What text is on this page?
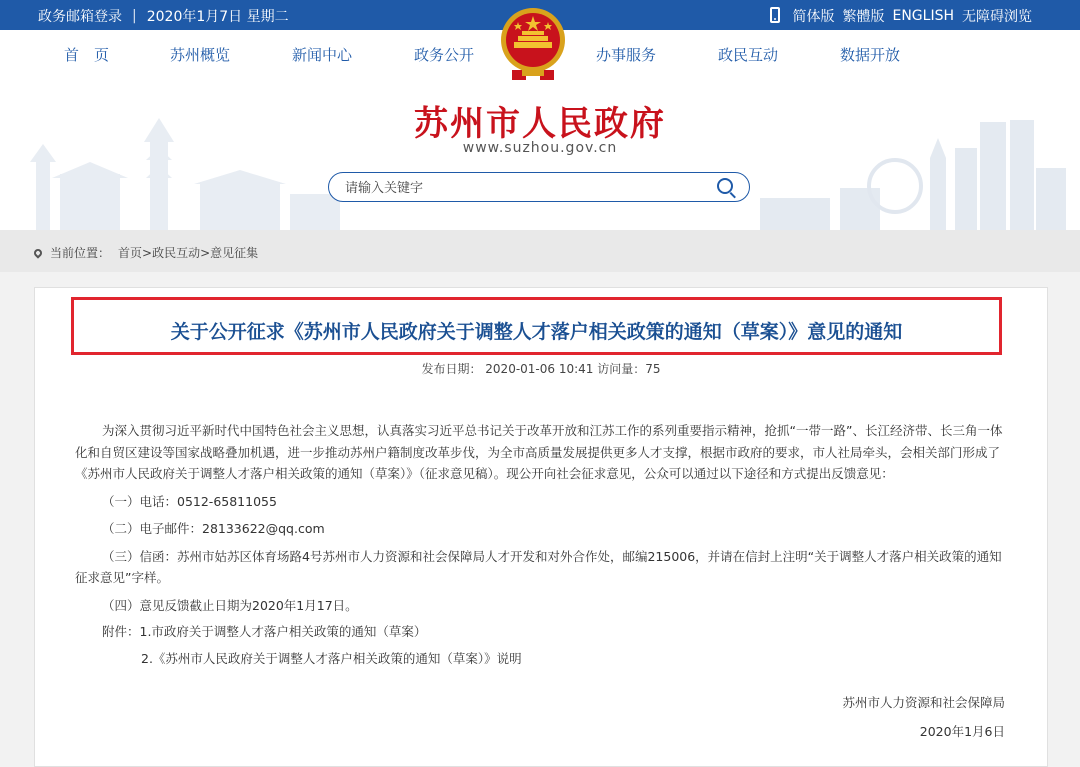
政务邮箱登录 | 2020年1月7日 星期二	简体版 繁體版 ENGLISH 无障碍浏览
首　页	苏州概览	新闻中心	政务公开	办事服务	政民互动	数据开放
苏州市人民政府
www.suzhou.gov.cn
请输入关键字
当前位置： 首页>政民互动>意见征集
关于公开征求《苏州市人民政府关于调整人才落户相关政策的通知（草案）》意见的通知
发布日期： 2020-01-06 10:41 访问量：75

为深入贯彻习近平新时代中国特色社会主义思想，认真落实习近平总书记关于改革开放和江苏工作的系列重要指示精神，抢抓“一带一路”、长江经济带、长三角一体化和自贸区建设等国家战略叠加机遇，进一步推动苏州户籍制度改革步伐，为全市高质量发展提供更多人才支撑，根据市政府的要求，市人社局牵头，会相关部门形成了《苏州市人民政府关于调整人才落户相关政策的通知（草案）》（征求意见稿）。现公开向社会征求意见，公众可以通过以下途径和方式提出反馈意见：

（一）电话：0512-65811055

（二）电子邮件：28133622@qq.com

（三）信函：苏州市姑苏区体育场路4号苏州市人力资源和社会保障局人才开发和对外合作处，邮编215006，并请在信封上注明“关于调整人才落户相关政策的通知征求意见”字样。

（四）意见反馈截止日期为2020年1月17日。

附件：1.市政府关于调整人才落户相关政策的通知（草案）

2.《苏州市人民政府关于调整人才落户相关政策的通知（草案）》说明

苏州市人力资源和社会保障局
2020年1月6日
